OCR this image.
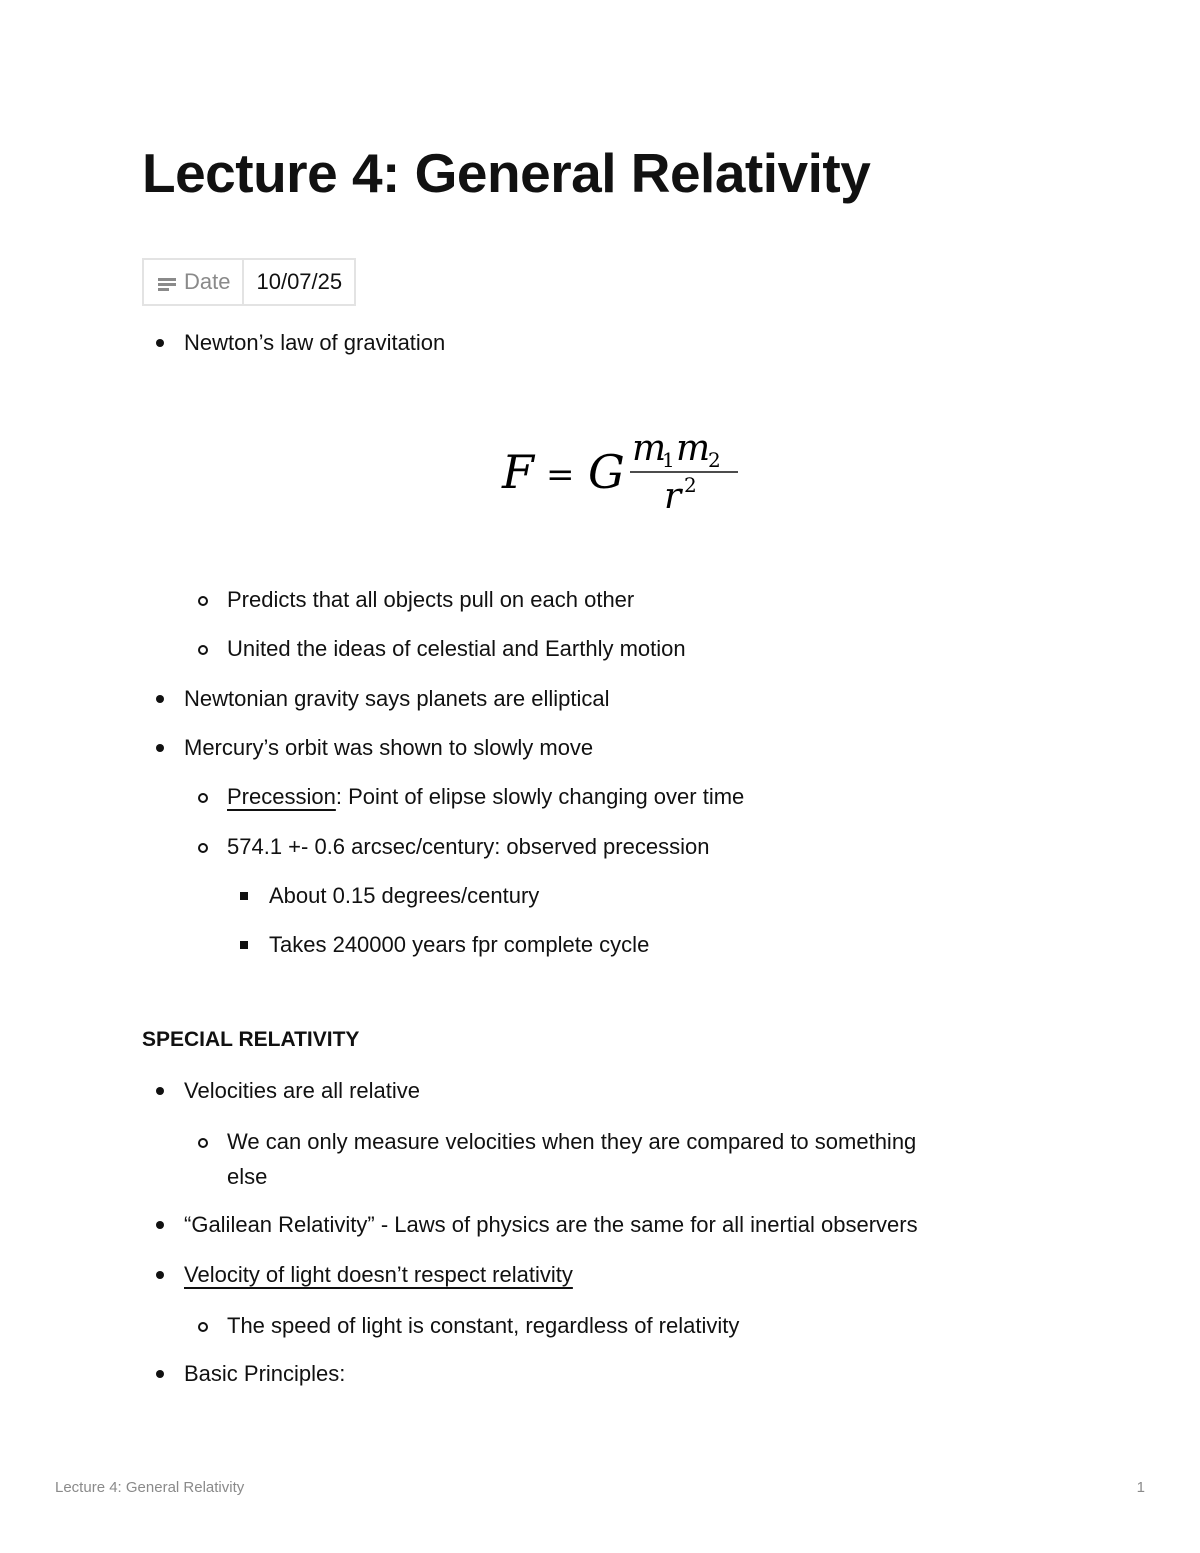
Lecture 4: General Relativity
Date	10/07/25
Newton’s law of gravitation
F = G m
1 m
2
r 2
Predicts that all objects pull on each other
United the ideas of celestial and Earthly motion
Newtonian gravity says planets are elliptical
Mercury’s orbit was shown to slowly move
Precession: Point of elipse slowly changing over time
574.1 +- 0.6 arcsec/century: observed precession
About 0.15 degrees/century
Takes 240000 years fpr complete cycle
SPECIAL RELATIVITY
Velocities are all relative
We can only measure velocities when they are compared to something
else
“Galilean Relativity” - Laws of physics are the same for all inertial observers
Velocity of light doesn’t respect relativity
The speed of light is constant, regardless of relativity
Basic Principles:
Lecture 4: General Relativity	1
